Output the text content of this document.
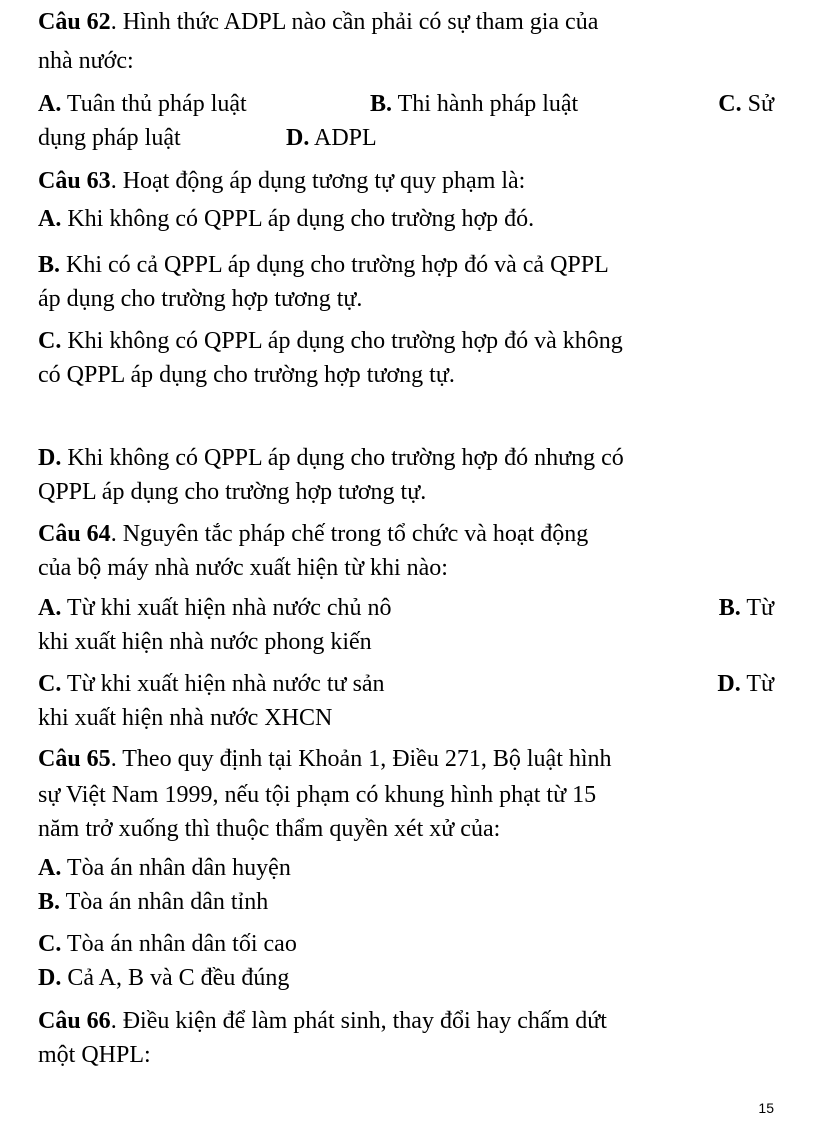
Câu 62. Hình thức ADPL nào cần phải có sự tham gia của
nhà nước:
A. Tuân thủ pháp luật	B. Thi hành pháp luật	C. Sử
dụng pháp luật	D. ADPL
Câu 63. Hoạt động áp dụng tương tự quy phạm là:
A. Khi không có QPPL áp dụng cho trường hợp đó.
B. Khi có cả QPPL áp dụng cho trường hợp đó và cả QPPL
áp dụng cho trường hợp tương tự.
C. Khi không có QPPL áp dụng cho trường hợp đó và không
có QPPL áp dụng cho trường hợp tương tự.
D. Khi không có QPPL áp dụng cho trường hợp đó nhưng có
QPPL áp dụng cho trường hợp tương tự.
Câu 64. Nguyên tắc pháp chế trong tổ chức và hoạt động
của bộ máy nhà nước xuất hiện từ khi nào:
A. Từ khi xuất hiện nhà nước chủ nô	B. Từ
khi xuất hiện nhà nước phong kiến
C. Từ khi xuất hiện nhà nước tư sản	D. Từ
khi xuất hiện nhà nước XHCN
Câu 65. Theo quy định tại Khoản 1, Điều 271, Bộ luật hình
sự Việt Nam 1999, nếu tội phạm có khung hình phạt từ 15
năm trở xuống thì thuộc thẩm quyền xét xử của:
A. Tòa án nhân dân huyện
B. Tòa án nhân dân tỉnh
C. Tòa án nhân dân tối cao
D. Cả A, B và C đều đúng
Câu 66. Điều kiện để làm phát sinh, thay đổi hay chấm dứt
một QHPL:
15
